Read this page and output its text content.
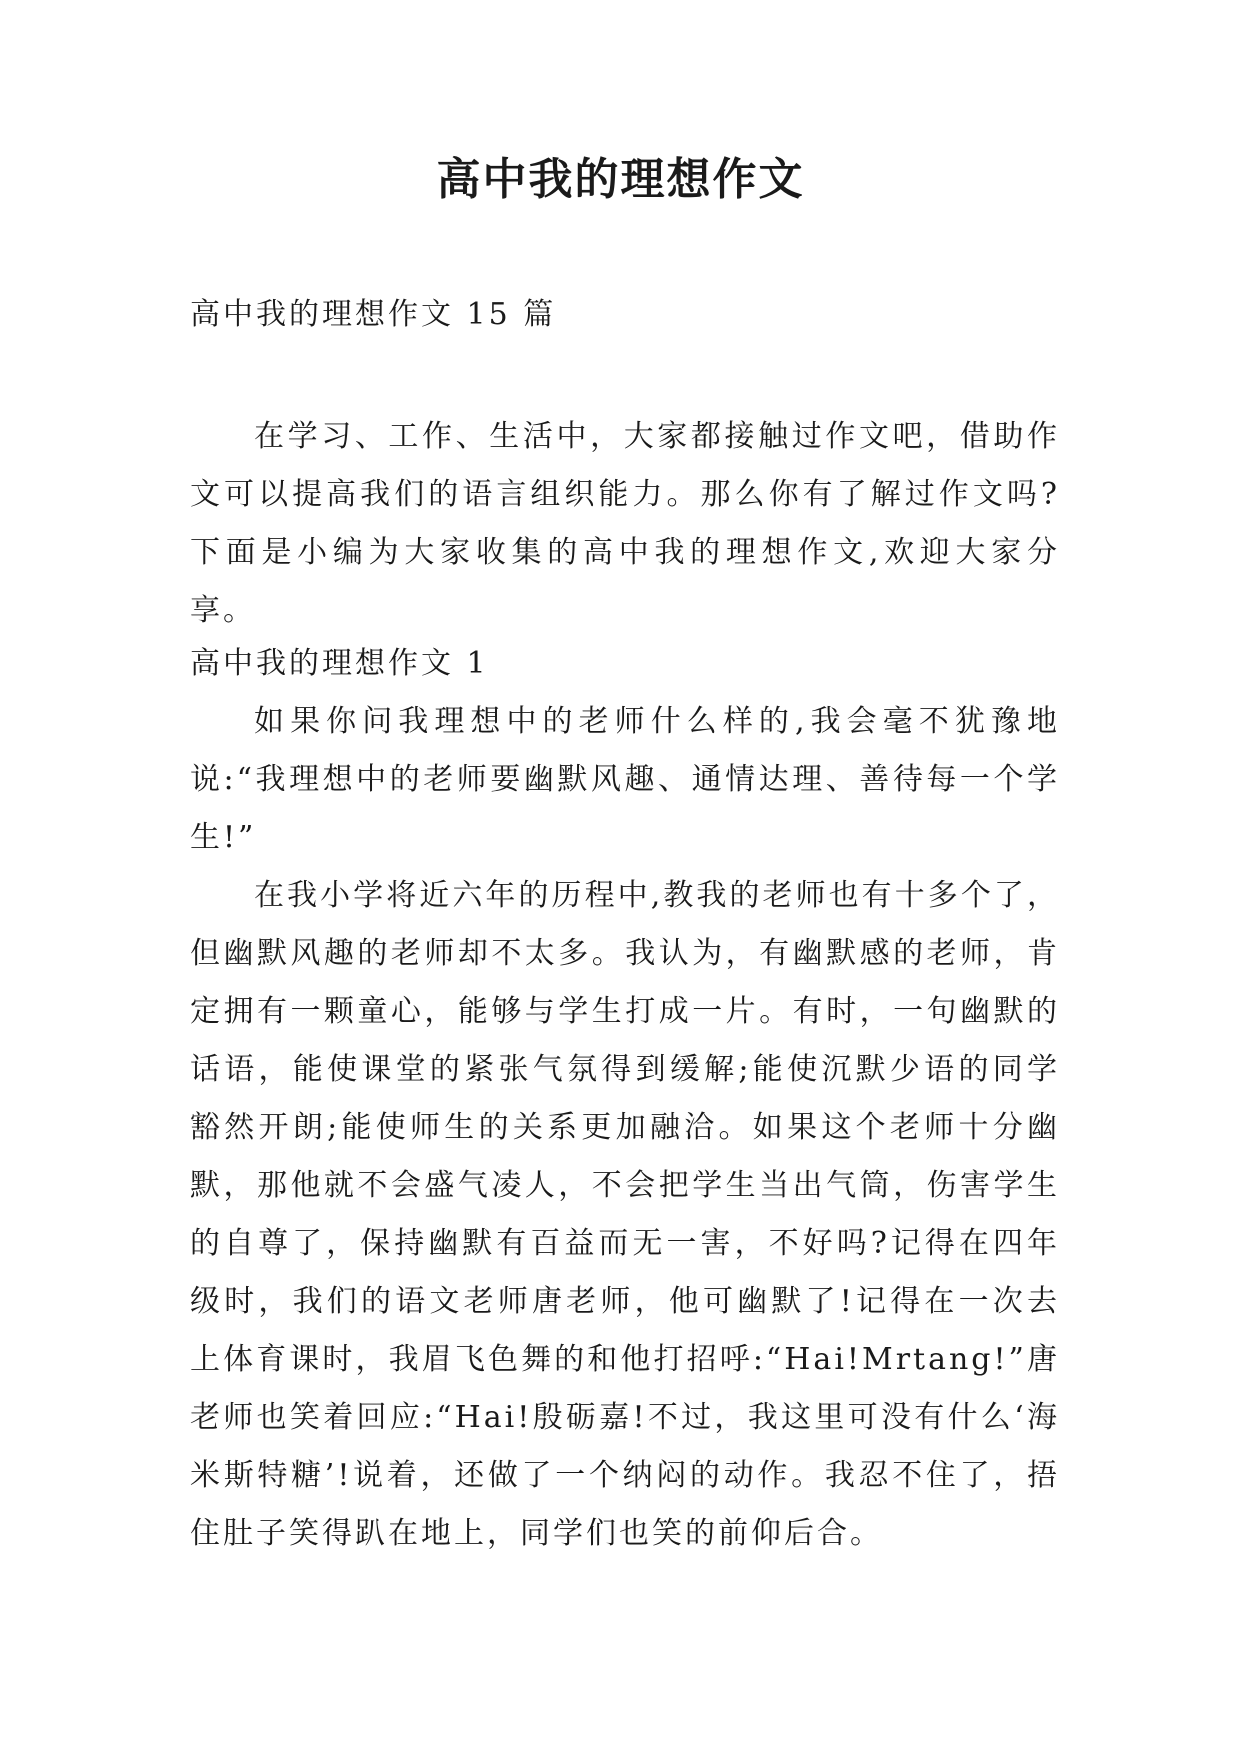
高中我的理想作文

高中我的理想作文 15 篇

在学习、工作、生活中，大家都接触过作文吧，借助作文可以提高我们的语言组织能力。那么你有了解过作文吗?下面是小编为大家收集的高中我的理想作文,欢迎大家分享。

高中我的理想作文 1

如果你问我理想中的老师什么样的,我会毫不犹豫地说:“我理想中的老师要幽默风趣、通情达理、善待每一个学生!”

在我小学将近六年的历程中,教我的老师也有十多个了，但幽默风趣的老师却不太多。我认为，有幽默感的老师，肯定拥有一颗童心，能够与学生打成一片。有时，一句幽默的话语，能使课堂的紧张气氛得到缓解;能使沉默少语的同学豁然开朗;能使师生的关系更加融洽。如果这个老师十分幽默，那他就不会盛气凌人，不会把学生当出气筒，伤害学生的自尊了，保持幽默有百益而无一害，不好吗?记得在四年级时，我们的语文老师唐老师，他可幽默了!记得在一次去上体育课时，我眉飞色舞的和他打招呼:“Hai!Mrtang!”唐老师也笑着回应:“Hai!殷砺嘉!不过，我这里可没有什么‘海米斯特糖’!说着，还做了一个纳闷的动作。我忍不住了，捂住肚子笑得趴在地上，同学们也笑的前仰后合。
